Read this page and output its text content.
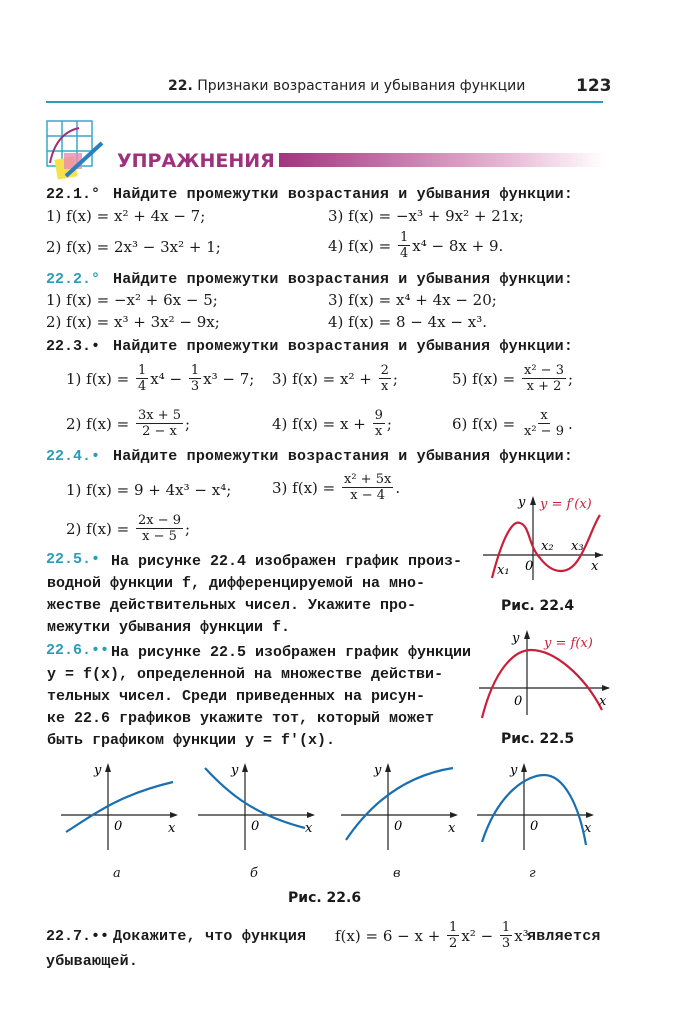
22. Признаки возрастания и убывания функции	123
УПРАЖНЕНИЯ
22.1.° Найдите промежутки возрастания и убывания функции:
1) f(x) = x² + 4x − 7;	3) f(x) = −x³ + 9x² + 21x;
2) f(x) = 2x³ − 3x² + 1;	4) $f(x) = \frac{1}{4} x^4 - 8x + 9$.
22.2.° Найдите промежутки возрастания и убывания функции:
1) f(x) = −x² + 6x − 5;	3) f(x) = x⁴ + 4x − 20;
2) f(x) = x³ + 3x² − 9x;	4) f(x) = 8 − 4x − x³.
22.3.• Найдите промежутки возрастания и убывания функции:
1) $f(x) = \frac{1}{4} x^4 - \frac{1}{3} x^3 - 7$; 3) $f(x) = x^2 + \frac{2}{x}$ ;	5) $f(x) = \frac{\text{x² − 3}}{x + 2}$ ;
2) $f(x) = \frac{3x + 5}{2 - x}$ ;	4) $f(x) = x + \frac{9}{x}$ ;	6) $f(x) = \frac{x}{\text{x² − 9}}$ .
22.4.• Найдите промежутки возрастания и убывания функции:
1) f(x) = 9 + 4x³ − x⁴;	3) $f(x) = \frac{\text{x² + 5x}}{x - 4}$ .
2) $f(x) = \frac{2x - 9}{x - 5}$ ;
22.5.• На рисунке 22.4 изображен график произ-
водной функции f, дифференцируемой на мно-
жестве действительных чисел. Укажите про-
межутки убывания функции f.
22.6.•• На рисунке 22.5 изображен график функции
y = f(x), определенной на множестве действи-
тельных чисел. Среди приведенных на рисун-
ке 22.6 графиков укажите тот, который может
быть графиком функции y = f′(x).
y y = f′(x)
x₁ 0
x₂ x₃
x
Рис. 22.4
y y = f(x)
0	x
Рис. 22.5
y
x
0
а
y
x
0
б
y
x
0
в
y
x
0
г
Рис. 22.6
22.7.•• Докажите, что функция $f(x) = 6 - x + \frac{1}{2} x^2 - \frac{1}{3} x^3$
является
убывающей.
